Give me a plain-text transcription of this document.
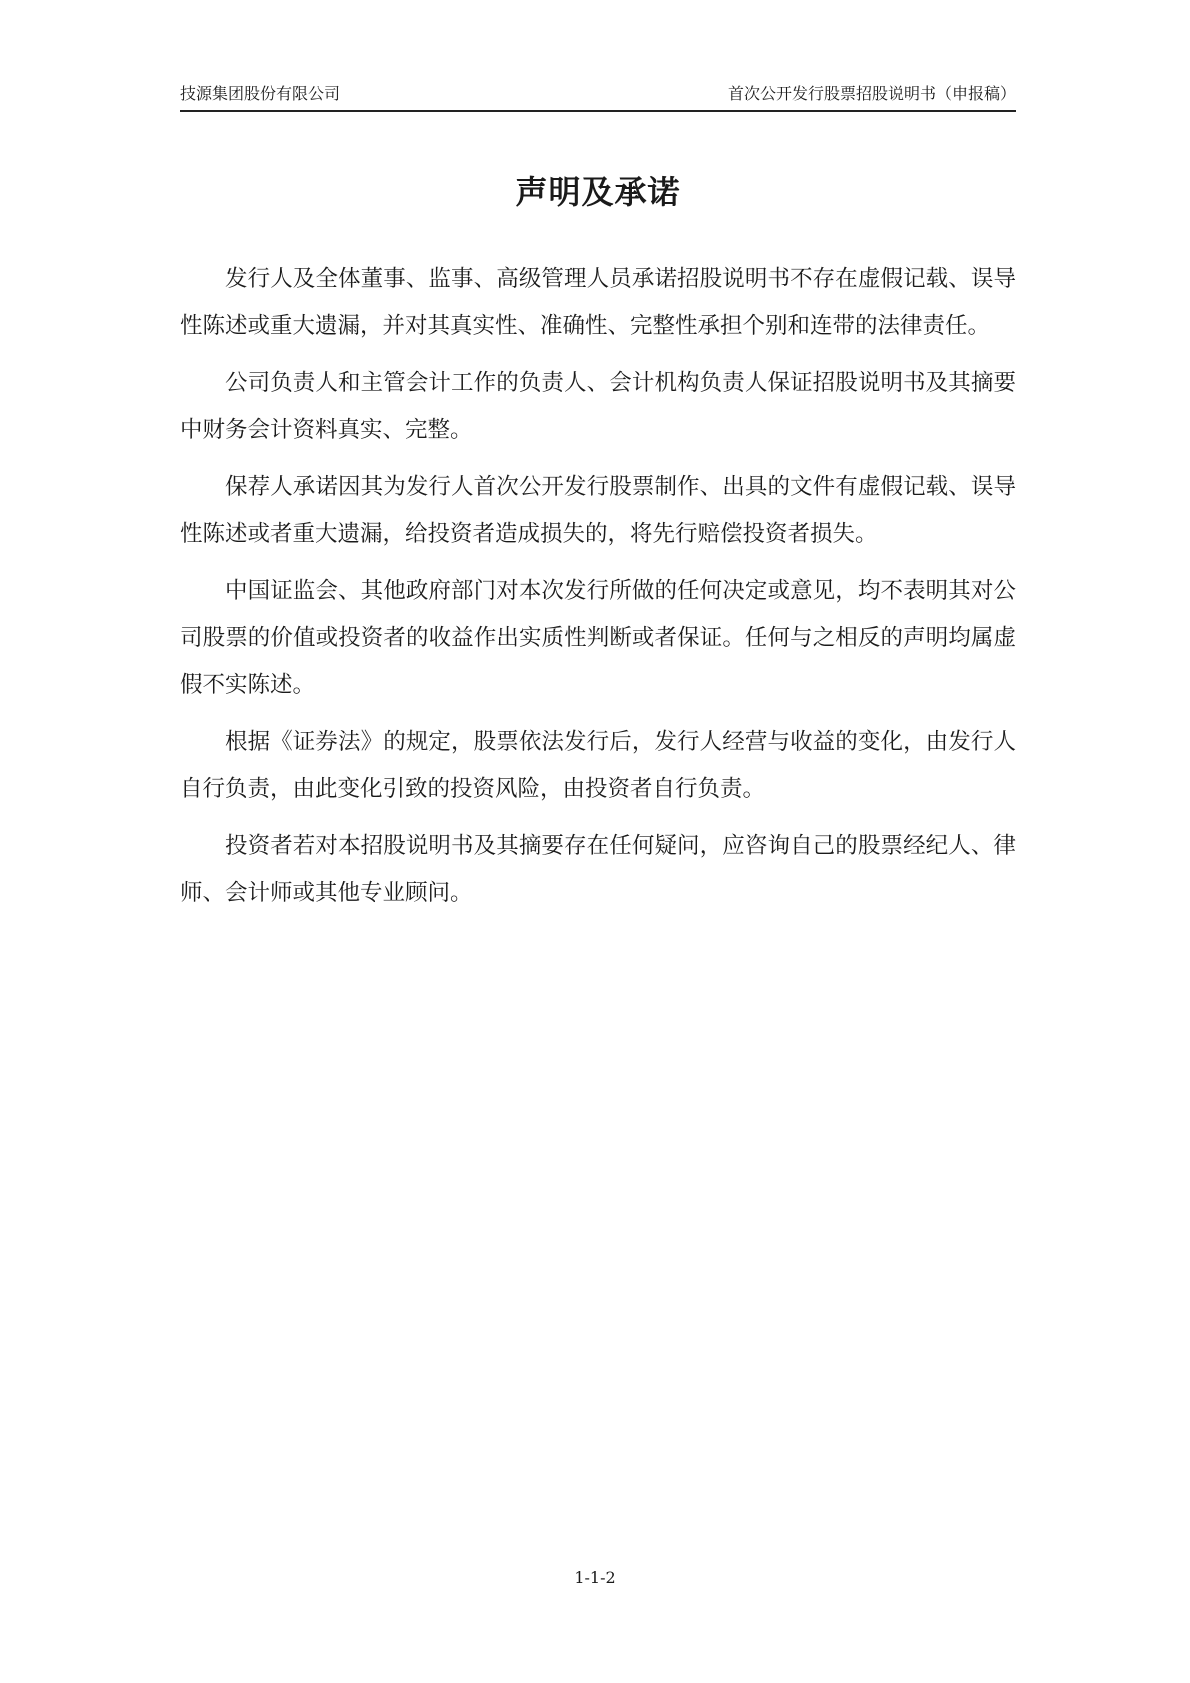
技源集团股份有限公司	首次公开发行股票招股说明书（申报稿）
声明及承诺

发行人及全体董事、监事、高级管理人员承诺招股说明书不存在虚假记载、误导性陈述或重大遗漏，并对其真实性、准确性、完整性承担个别和连带的法律责任。

公司负责人和主管会计工作的负责人、会计机构负责人保证招股说明书及其摘要中财务会计资料真实、完整。

保荐人承诺因其为发行人首次公开发行股票制作、出具的文件有虚假记载、误导性陈述或者重大遗漏，给投资者造成损失的，将先行赔偿投资者损失。

中国证监会、其他政府部门对本次发行所做的任何决定或意见，均不表明其对公司股票的价值或投资者的收益作出实质性判断或者保证。任何与之相反的声明均属虚假不实陈述。

根据《证券法》的规定，股票依法发行后，发行人经营与收益的变化，由发行人自行负责，由此变化引致的投资风险，由投资者自行负责。

投资者若对本招股说明书及其摘要存在任何疑问，应咨询自己的股票经纪人、律师、会计师或其他专业顾问。

1-1-2
